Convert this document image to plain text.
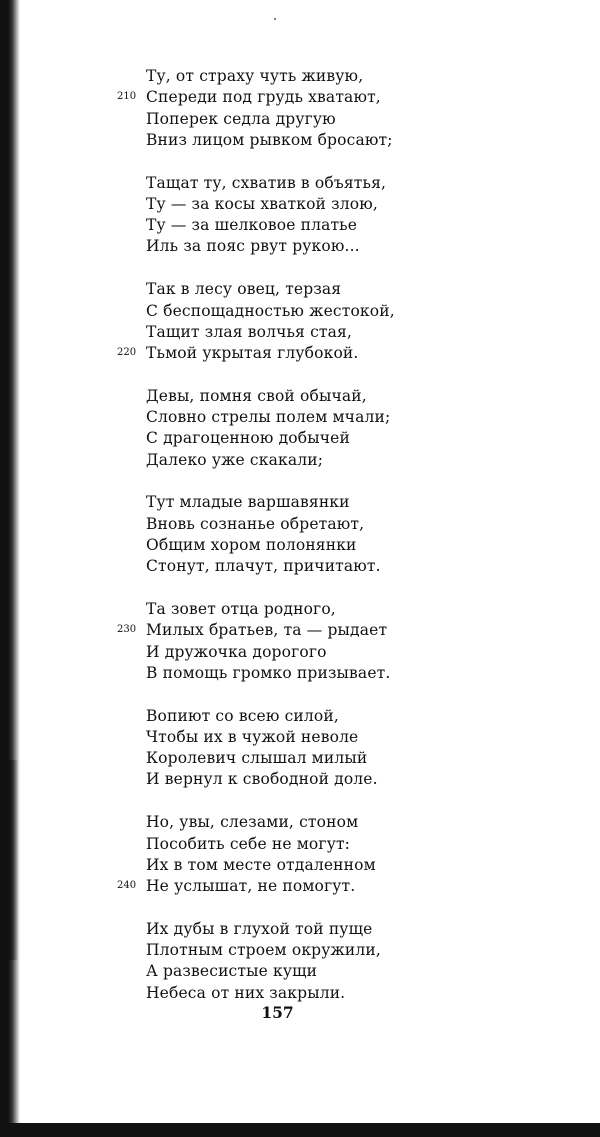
Ту, от страху чуть живую,
Спереди под грудь хватают,
210
Поперек седла другую
Вниз лицом рывком бросают;
Тащат ту, схватив в объятья,
Ту — за косы хваткой злою,
Ту — за шелковое платье
Иль за пояс рвут рукою...
Так в лесу овец, терзая
С беспощадностью жестокой,
Тащит злая волчья стая,
Тьмой укрытая глубокой.
220
Девы, помня свой обычай,
Словно стрелы полем мчали;
С драгоценною добычей
Далеко уже скакали;
Тут младые варшавянки
Вновь сознанье обретают,
Общим хором полонянки
Стонут, плачут, причитают.
Та зовет отца родного,
Милых братьев, та — рыдает
230
И дружочка дорогого
В помощь громко призывает.
Вопиют со всею силой,
Чтобы их в чужой неволе
Королевич слышал милый
И вернул к свободной доле.
Но, увы, слезами, стоном
Пособить себе не могут:
Их в том месте отдаленном
Не услышат, не помогут.
240
Их дубы в глухой той пуще
Плотным строем окружили,
А развесистые кущи
Небеса от них закрыли.
157
